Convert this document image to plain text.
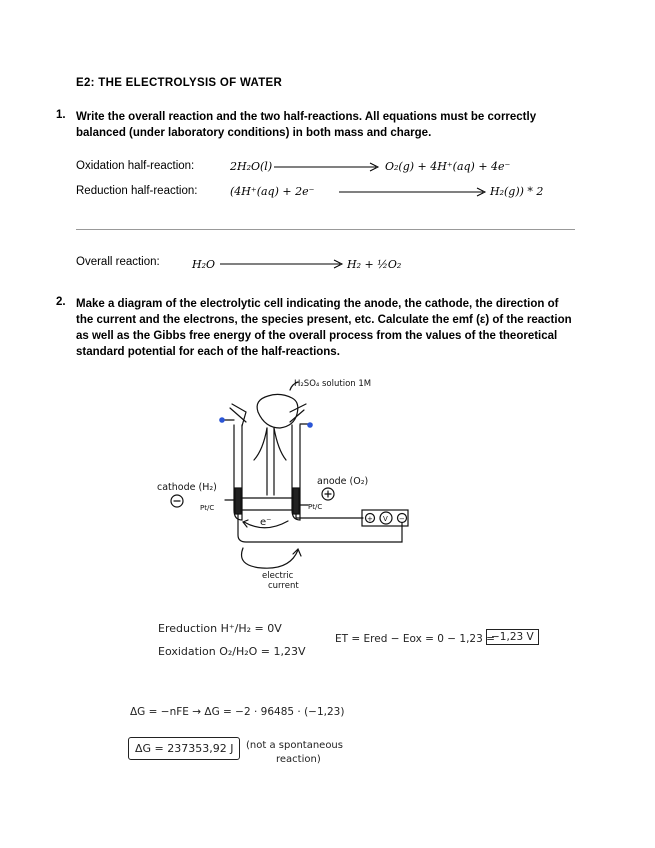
E2: THE ELECTROLYSIS OF WATER
1. Write the overall reaction and the two half-reactions. All equations must be correctly balanced (under laboratory conditions) in both mass and charge.
Oxidation half-reaction:	2H₂O(l)	O₂(g) + 4H⁺(aq) + 4e⁻
Reduction half-reaction:	(4H⁺(aq) + 2e⁻	H₂(g)) * 2
Overall reaction:	H₂O	H₂ + ½O₂
2. Make a diagram of the electrolytic cell indicating the anode, the cathode, the direction of the current and the electrons, the species present, etc. Calculate the emf (ε) of the reaction as well as the Gibbs free energy of the overall process from the values of the theoretical standard potential for each of the half-reactions.
H₂SO₄ solution 1M
cathode (H₂)
anode (O₂)
Pt/C	Pt/C
e⁻	+ V −
electric
current
Ereduction H⁺/H₂ = 0V
Eoxidation O₂/H₂O = 1,23V
ET = Ered − Eox = 0 − 1,23 =
−1,23 V
ΔG = −nFE → ΔG = −2 · 96485 · (−1,23)
ΔG = 237353,92 J	(not a spontaneous
reaction)
